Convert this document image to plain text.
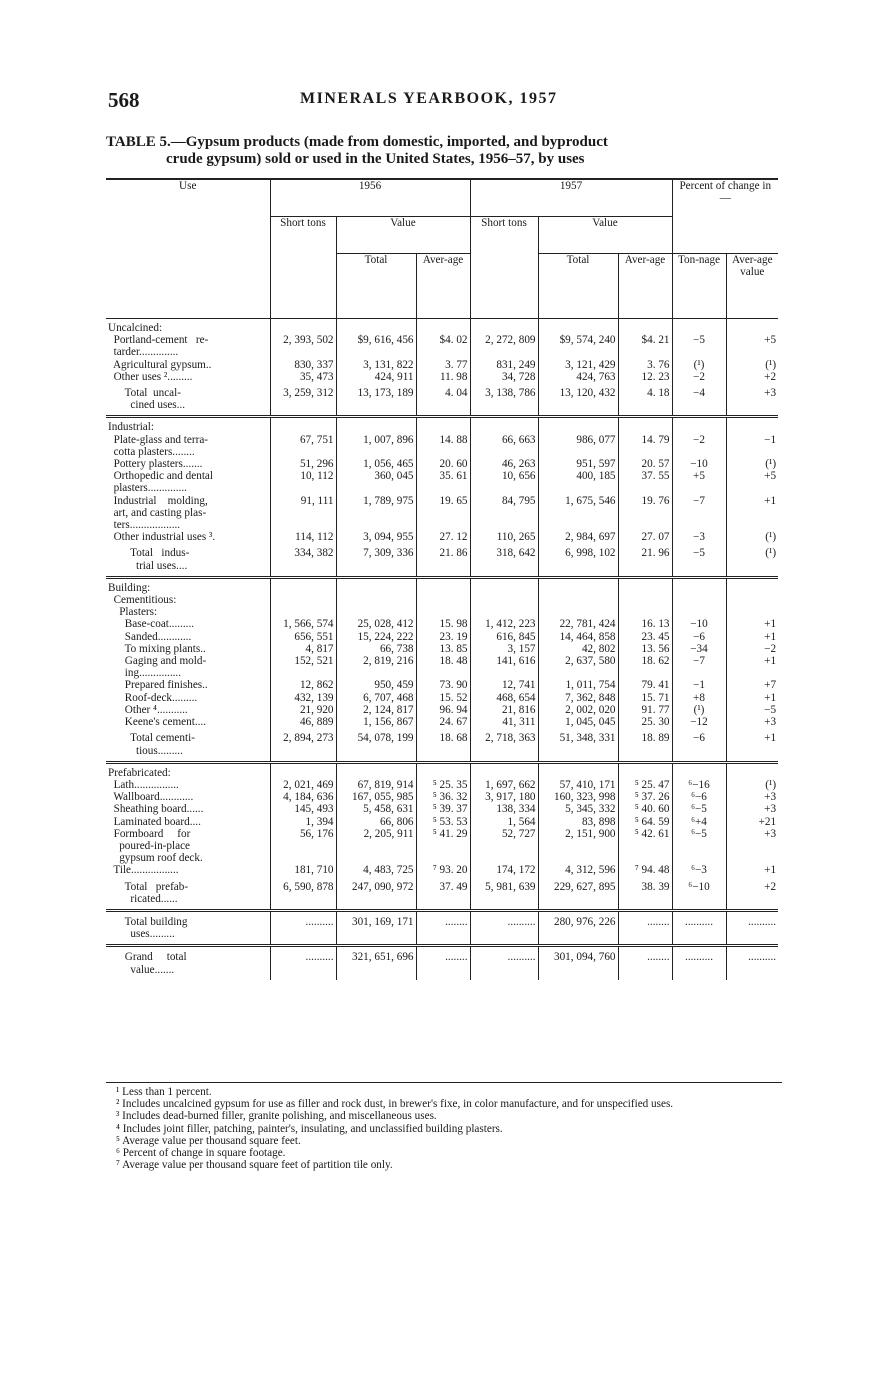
568	MINERALS YEARBOOK, 1957
TABLE 5.—Gypsum products (made from domestic, imported, and byproduct
crude gypsum) sold or used in the United States, 1956–57, by uses

Use	1956			1957			Percent of change in—	
	Short tons	Value		Short tons	Value			
		Total	Aver-age		Total	Aver-age	Ton-nage	Aver-age value
Uncalcined:								
Portland-cement   re-
tarder..............	2, 393, 502	$9, 616, 456	$4. 02	2, 272, 809	$9, 574, 240	$4. 21	−5	+5
Agricultural gypsum..	830, 337	3, 131, 822	3. 77	831, 249	3, 121, 429	3. 76	(¹)	(¹)
Other uses ².........	35, 473	424, 911	11. 98	34, 728	424, 763	12. 23	−2	+2
Total  uncal-
cined uses...	3, 259, 312	13, 173, 189	4. 04	3, 138, 786	13, 120, 432	4. 18	−4	+3
Industrial:								
Plate-glass and terra-
cotta plasters........	67, 751	1, 007, 896	14. 88	66, 663	986, 077	14. 79	−2	−1
Pottery plasters.......	51, 296	1, 056, 465	20. 60	46, 263	951, 597	20. 57	−10	(¹)
Orthopedic and dental
plasters..............	10, 112	360, 045	35. 61	10, 656	400, 185	37. 55	+5	+5
Industrial    molding,
art, and casting plas-
ters..................	91, 111	1, 789, 975	19. 65	84, 795	1, 675, 546	19. 76	−7	+1
Other industrial uses ³.	114, 112	3, 094, 955	27. 12	110, 265	2, 984, 697	27. 07	−3	(¹)
Total   indus-
trial uses....	334, 382	7, 309, 336	21. 86	318, 642	6, 998, 102	21. 96	−5	(¹)
Building:
Cementitious:
Plasters:								
Base-coat.........	1, 566, 574	25, 028, 412	15. 98	1, 412, 223	22, 781, 424	16. 13	−10	+1
Sanded............	656, 551	15, 224, 222	23. 19	616, 845	14, 464, 858	23. 45	−6	+1
To mixing plants..	4, 817	66, 738	13. 85	3, 157	42, 802	13. 56	−34	−2
Gaging and mold-
ing...............	152, 521	2, 819, 216	18. 48	141, 616	2, 637, 580	18. 62	−7	+1
Prepared finishes..	12, 862	950, 459	73. 90	12, 741	1, 011, 754	79. 41	−1	+7
Roof-deck.........	432, 139	6, 707, 468	15. 52	468, 654	7, 362, 848	15. 71	+8	+1
Other ⁴...........	21, 920	2, 124, 817	96. 94	21, 816	2, 002, 020	91. 77	(¹)	−5
Keene's cement....	46, 889	1, 156, 867	24. 67	41, 311	1, 045, 045	25. 30	−12	+3
Total cementi-
tious.........	2, 894, 273	54, 078, 199	18. 68	2, 718, 363	51, 348, 331	18. 89	−6	+1
Prefabricated:								
Lath................	2, 021, 469	67, 819, 914	⁵ 25. 35	1, 697, 662	57, 410, 171	⁵ 25. 47	⁶−16	(¹)
Wallboard............	4, 184, 636	167, 055, 985	⁵ 36. 32	3, 917, 180	160, 323, 998	⁵ 37. 26	⁶−6	+3
Sheathing board......	145, 493	5, 458, 631	⁵ 39. 37	138, 334	5, 345, 332	⁵ 40. 60	⁶−5	+3
Laminated board....	1, 394	66, 806	⁵ 53. 53	1, 564	83, 898	⁵ 64. 59	⁶+4	+21
Formboard     for
poured-in-place
gypsum roof deck.	56, 176	2, 205, 911	⁵ 41. 29	52, 727	2, 151, 900	⁵ 42. 61	⁶−5	+3
Tile.................	181, 710	4, 483, 725	⁷ 93. 20	174, 172	4, 312, 596	⁷ 94. 48	⁶−3	+1
Total   prefab-
ricated......	6, 590, 878	247, 090, 972	37. 49	5, 981, 639	229, 627, 895	38. 39	⁶−10	+2
Total building
uses.........	..........	301, 169, 171	........	..........	280, 976, 226	........	..........	..........
Grand     total
value.......	..........	321, 651, 696	........	..........	301, 094, 760	........	..........	..........
¹ Less than 1 percent.
² Includes uncalcined gypsum for use as filler and rock dust, in brewer's fixe, in color manufacture, and for unspecified uses.
³ Includes dead-burned filler, granite polishing, and miscellaneous uses.
⁴ Includes joint filler, patching, painter's, insulating, and unclassified building plasters.
⁵ Average value per thousand square feet.
⁶ Percent of change in square footage.
⁷ Average value per thousand square feet of partition tile only.
